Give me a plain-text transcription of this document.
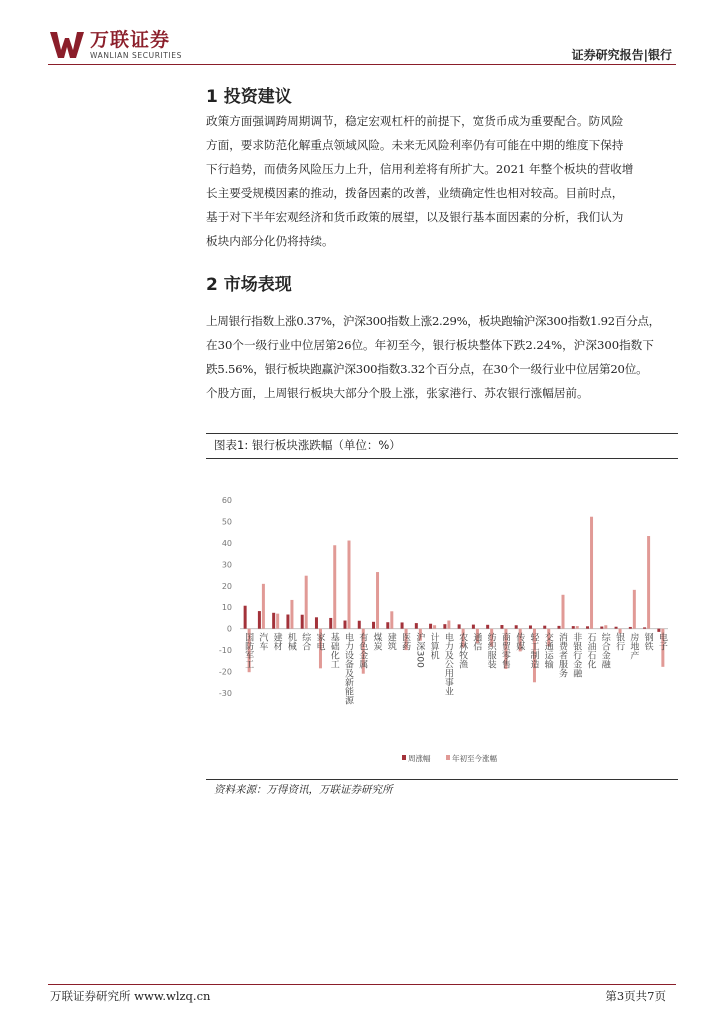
万联证券
WANLIAN SECURITIES	证券研究报告|银行
1 投资建议
政策方面强调跨周期调节，稳定宏观杠杆的前提下，宽货币成为重要配合。防风险
方面，要求防范化解重点领域风险。未来无风险利率仍有可能在中期的维度下保持
下行趋势，而债务风险压力上升，信用利差将有所扩大。2021 年整个板块的营收增
长主要受规模因素的推动，拨备因素的改善，业绩确定性也相对较高。目前时点，
基于对下半年宏观经济和货币政策的展望，以及银行基本面因素的分析，我们认为
板块内部分化仍将持续。
2 市场表现
上周银行指数上涨0.37%，沪深300指数上涨2.29%，板块跑输沪深300指数1.92百分点，
在30个一级行业中位居第26位。年初至今，银行板块整体下跌2.24%，沪深300指数下
跌5.56%，银行板块跑赢沪深300指数3.32个百分点，在30个一级行业中位居第20位。
个股方面，上周银行板块大部分个股上涨，张家港行、苏农银行涨幅居前。
图表1: 银行板块涨跌幅（单位：%）
60
50
40
30
20
10
0
-10
-20
-30
国防军工 汽车 建材 机械 综合 家电 基础化工 电力设备及新能源 有色金属 煤炭 建筑 医药 沪深300 计算机 电力及公用事业 农林牧渔 通信 纺织服装 商贸零售 传媒 轻工制造 交通运输 消费者服务 非银行金融 石油石化 综合金融 银行 房地产 钢铁 电子
周涨幅	年初至今涨幅
资料来源：万得资讯，万联证券研究所
万联证券研究所 www.wlzq.cn	第3页共7页
